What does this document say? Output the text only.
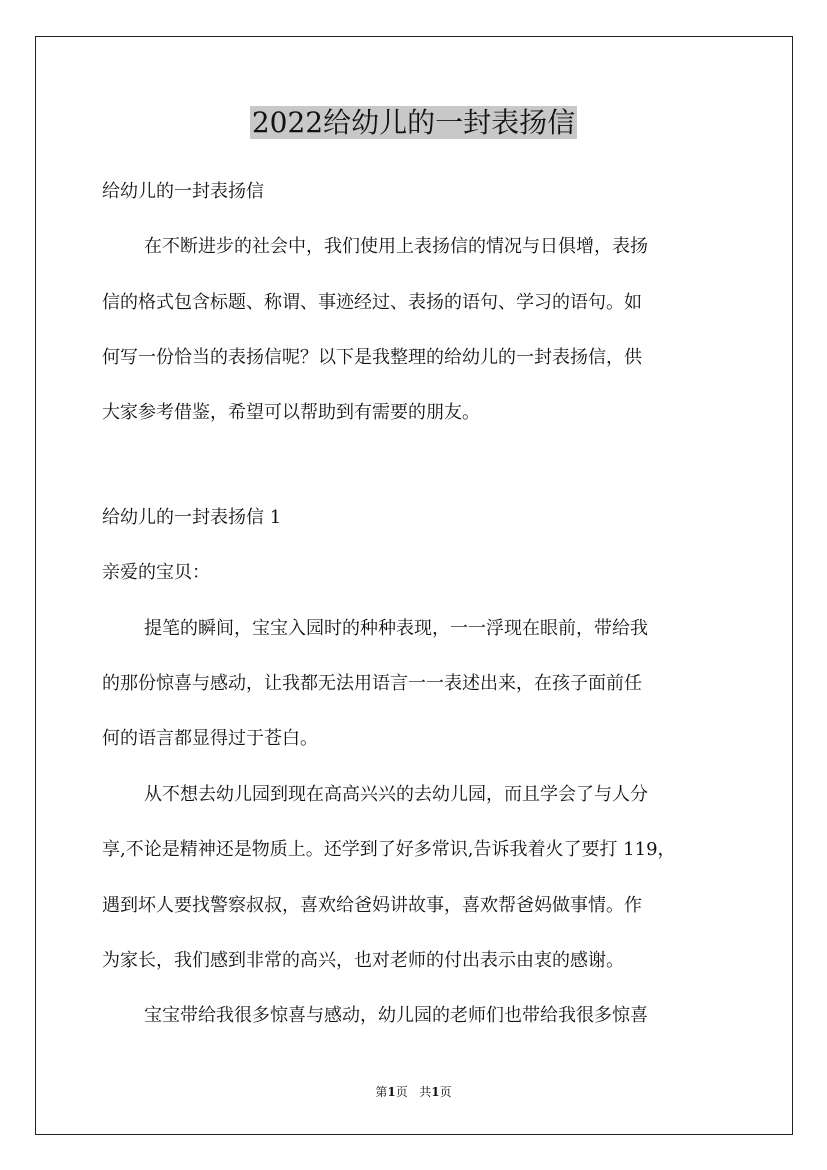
2022给幼儿的一封表扬信
给幼儿的一封表扬信
在不断进步的社会中，我们使用上表扬信的情况与日俱增，表扬
信的格式包含标题、称谓、事迹经过、表扬的语句、学习的语句。如
何写一份恰当的表扬信呢？以下是我整理的给幼儿的一封表扬信，供
大家参考借鉴，希望可以帮助到有需要的朋友。
给幼儿的一封表扬信 1
亲爱的宝贝：
提笔的瞬间，宝宝入园时的种种表现，一一浮现在眼前，带给我
的那份惊喜与感动，让我都无法用语言一一表述出来，在孩子面前任
何的语言都显得过于苍白。
从不想去幼儿园到现在高高兴兴的去幼儿园，而且学会了与人分
享,不论是精神还是物质上。还学到了好多常识,告诉我着火了要打 119，
遇到坏人要找警察叔叔，喜欢给爸妈讲故事，喜欢帮爸妈做事情。作
为家长，我们感到非常的高兴，也对老师的付出表示由衷的感谢。
宝宝带给我很多惊喜与感动，幼儿园的老师们也带给我很多惊喜
第1页 共1页
